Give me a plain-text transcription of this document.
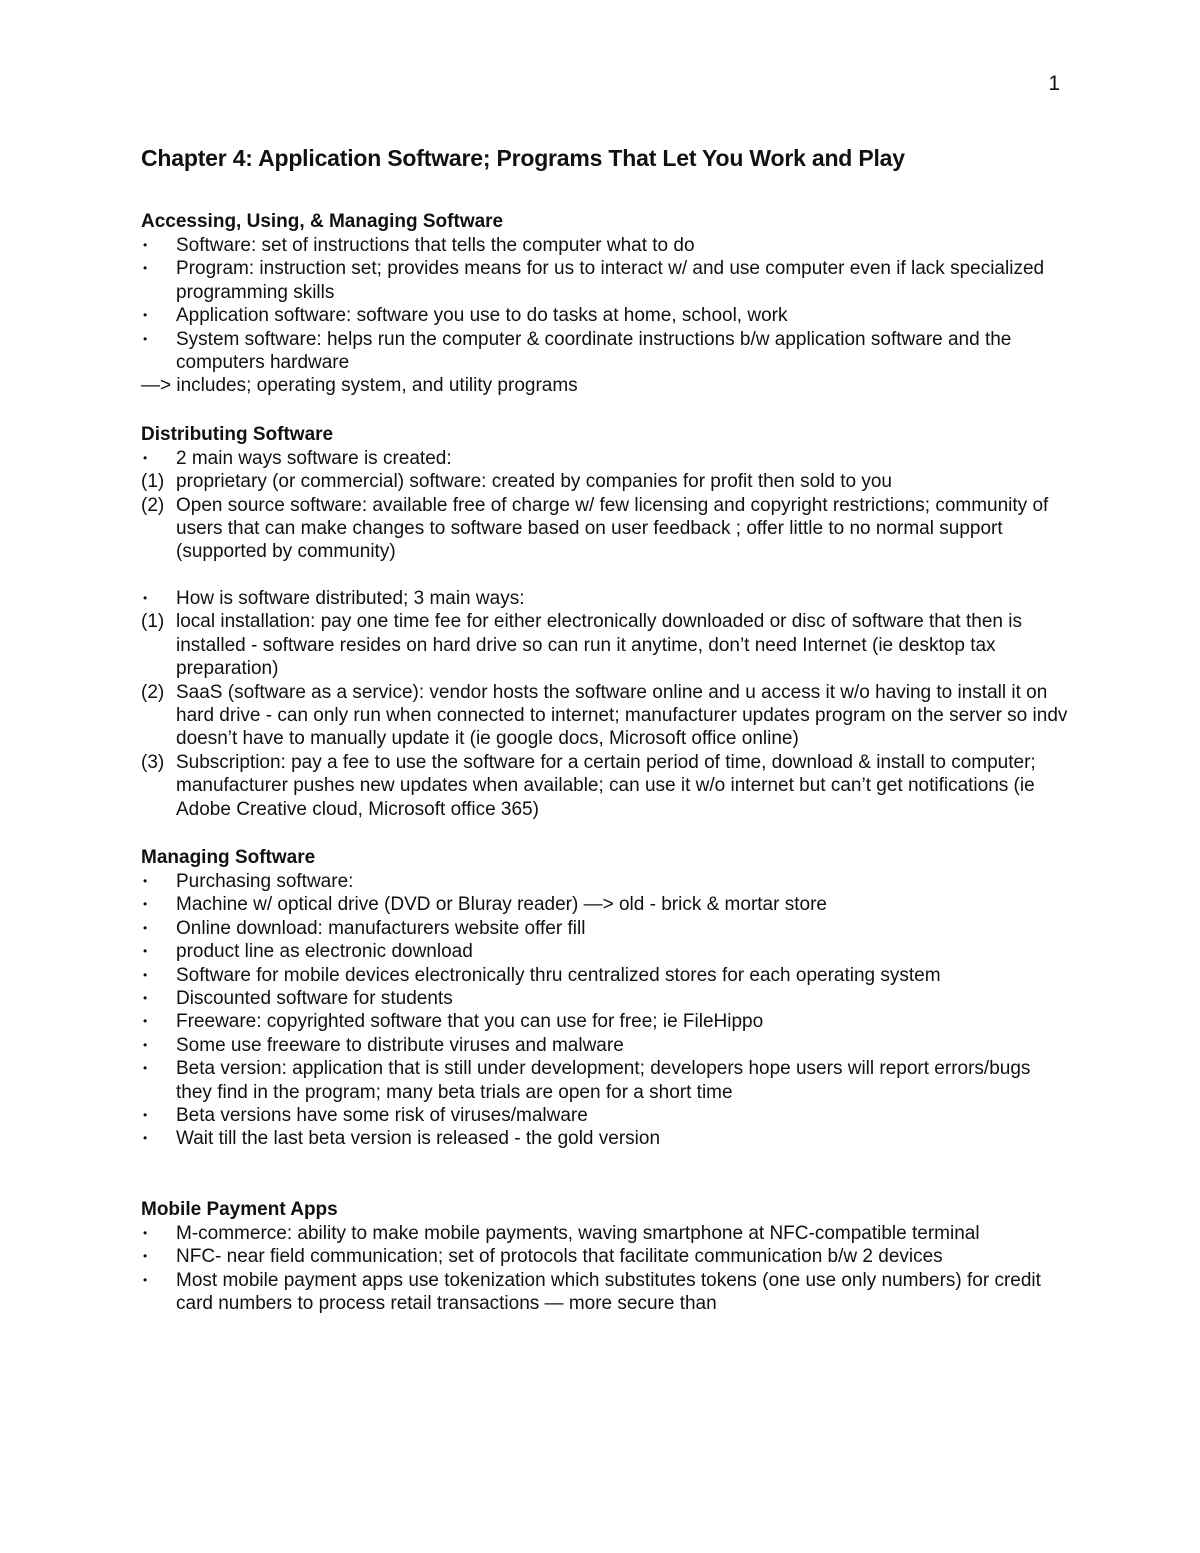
1
Chapter 4: Application Software; Programs That Let You Work and Play
Accessing, Using, & Managing Software
• Software: set of instructions that tells the computer what to do
• Program: instruction set; provides means for us to interact w/ and use computer even if lack specialized programming skills
• Application software: software you use to do tasks at home, school, work
• System software: helps run the computer & coordinate instructions b/w application software and the computers hardware
—> includes; operating system, and utility programs
Distributing Software
• 2 main ways software is created:
(1) proprietary (or commercial) software: created by companies for profit then sold to you
(2) Open source software: available free of charge w/ few licensing and copyright restrictions; community of users that can make changes to software based on user feedback ; offer little to no normal support (supported by community)
• How is software distributed; 3 main ways:
(1) local installation: pay one time fee for either electronically downloaded or disc of software that then is installed - software resides on hard drive so can run it anytime, don’t need Internet (ie desktop tax preparation)
(2) SaaS (software as a service): vendor hosts the software online and u access it w/o having to install it on hard drive - can only run when connected to internet; manufacturer updates program on the server so indv doesn’t have to manually update it (ie google docs, Microsoft office online)
(3) Subscription: pay a fee to use the software for a certain period of time, download & install to computer; manufacturer pushes new updates when available; can use it w/o internet but can’t get notifications (ie Adobe Creative cloud, Microsoft office 365)
Managing Software
• Purchasing software:
• Machine w/ optical drive (DVD or Bluray reader) —> old - brick & mortar store
• Online download: manufacturers website offer fill
• product line as electronic download
• Software for mobile devices electronically thru centralized stores for each operating system
• Discounted software for students
• Freeware: copyrighted software that you can use for free; ie FileHippo
• Some use freeware to distribute viruses and malware
• Beta version: application that is still under development; developers hope users will report errors/bugs they find in the program; many beta trials are open for a short time
• Beta versions have some risk of viruses/malware
• Wait till the last beta version is released - the gold version
Mobile Payment Apps
• M-commerce: ability to make mobile payments, waving smartphone at NFC-compatible terminal
• NFC- near field communication; set of protocols that facilitate communication b/w 2 devices
• Most mobile payment apps use tokenization which substitutes tokens (one use only numbers) for credit card numbers to process retail transactions — more secure than
